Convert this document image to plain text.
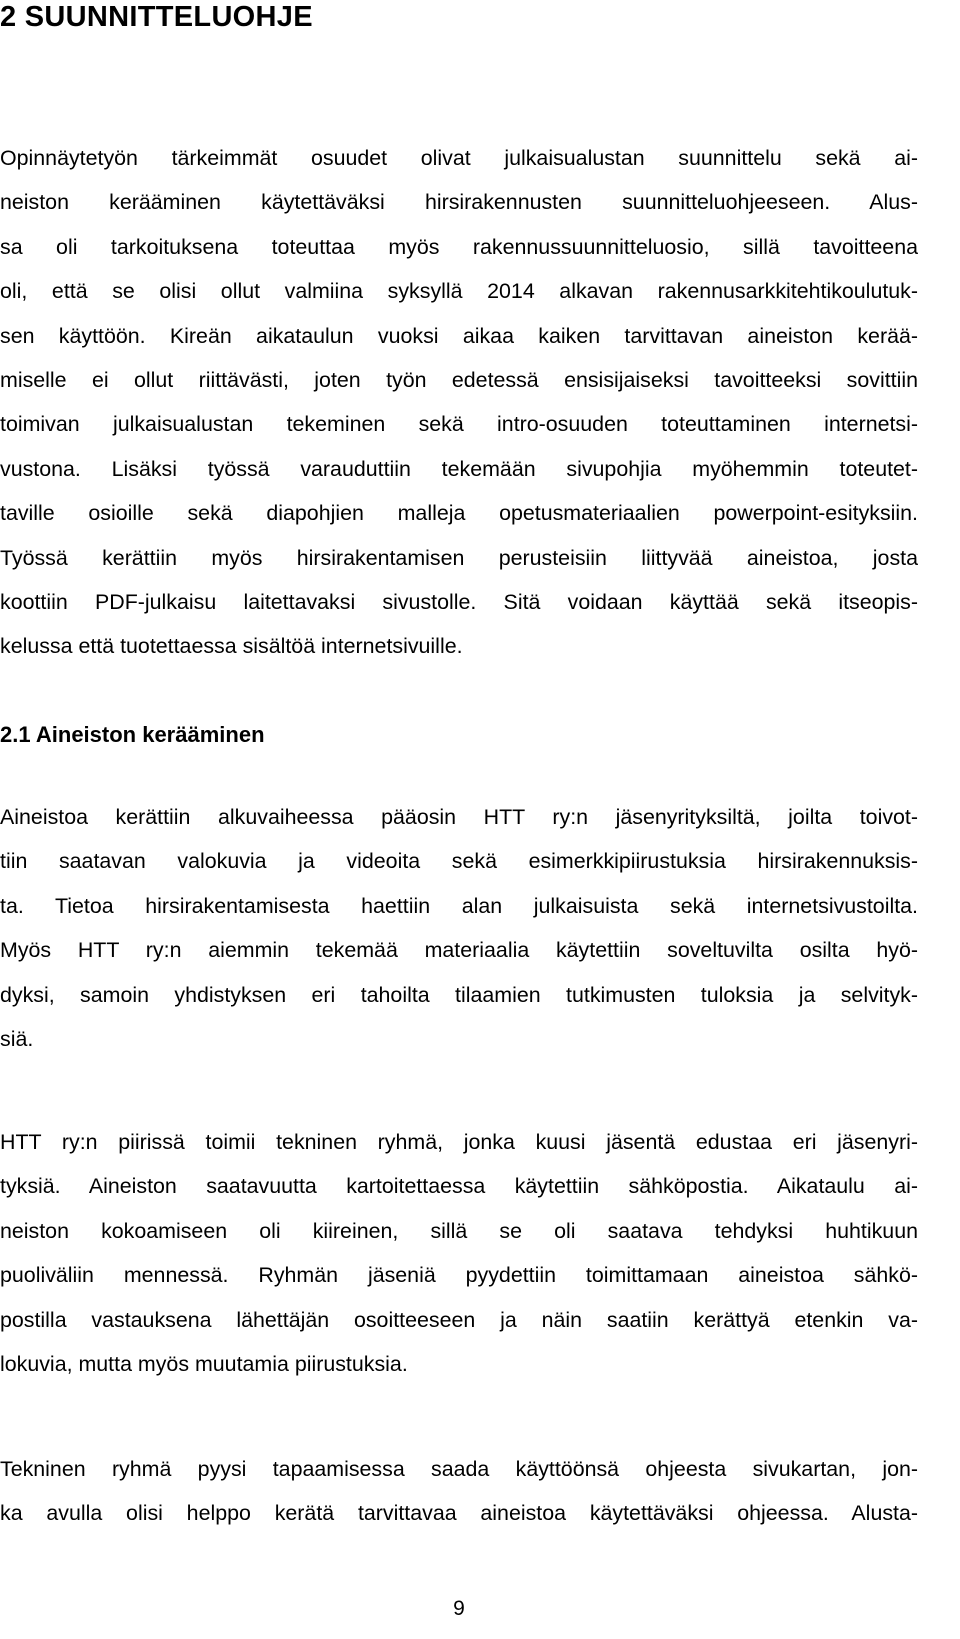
2 SUUNNITTELUOHJE
Opinnäytetyön tärkeimmät osuudet olivat julkaisualustan suunnittelu sekä ai-
neiston kerääminen käytettäväksi hirsirakennusten suunnitteluohjeeseen. Alus-
sa oli tarkoituksena toteuttaa myös rakennussuunnitteluosio, sillä tavoitteena
oli, että se olisi ollut valmiina syksyllä 2014 alkavan rakennusarkkitehtikoulutuk-
sen käyttöön. Kireän aikataulun vuoksi aikaa kaiken tarvittavan aineiston kerää-
miselle ei ollut riittävästi, joten työn edetessä ensisijaiseksi tavoitteeksi sovittiin
toimivan julkaisualustan tekeminen sekä intro-osuuden toteuttaminen internetsi-
vustona. Lisäksi työssä varauduttiin tekemään sivupohjia myöhemmin toteutet-
taville osioille sekä diapohjien malleja opetusmateriaalien powerpoint-esityksiin.
Työssä kerättiin myös hirsirakentamisen perusteisiin liittyvää aineistoa, josta
koottiin PDF-julkaisu laitettavaksi sivustolle. Sitä voidaan käyttää sekä itseopis-
kelussa että tuotettaessa sisältöä internetsivuille.
2.1 Aineiston kerääminen
Aineistoa kerättiin alkuvaiheessa pääosin HTT ry:n jäsenyrityksiltä, joilta toivot-
tiin saatavan valokuvia ja videoita sekä esimerkkipiirustuksia hirsirakennuksis-
ta. Tietoa hirsirakentamisesta haettiin alan julkaisuista sekä internetsivustoilta.
Myös HTT ry:n aiemmin tekemää materiaalia käytettiin soveltuvilta osilta hyö-
dyksi, samoin yhdistyksen eri tahoilta tilaamien tutkimusten tuloksia ja selvityk-
siä.
HTT ry:n piirissä toimii tekninen ryhmä, jonka kuusi jäsentä edustaa eri jäsenyri-
tyksiä. Aineiston saatavuutta kartoitettaessa käytettiin sähköpostia. Aikataulu ai-
neiston kokoamiseen oli kiireinen, sillä se oli saatava tehdyksi huhtikuun
puoliväliin mennessä. Ryhmän jäseniä pyydettiin toimittamaan aineistoa sähkö-
postilla vastauksena lähettäjän osoitteeseen ja näin saatiin kerättyä etenkin va-
lokuvia, mutta myös muutamia piirustuksia.
Tekninen ryhmä pyysi tapaamisessa saada käyttöönsä ohjeesta sivukartan, jon-
ka avulla olisi helppo kerätä tarvittavaa aineistoa käytettäväksi ohjeessa. Alusta-
9
